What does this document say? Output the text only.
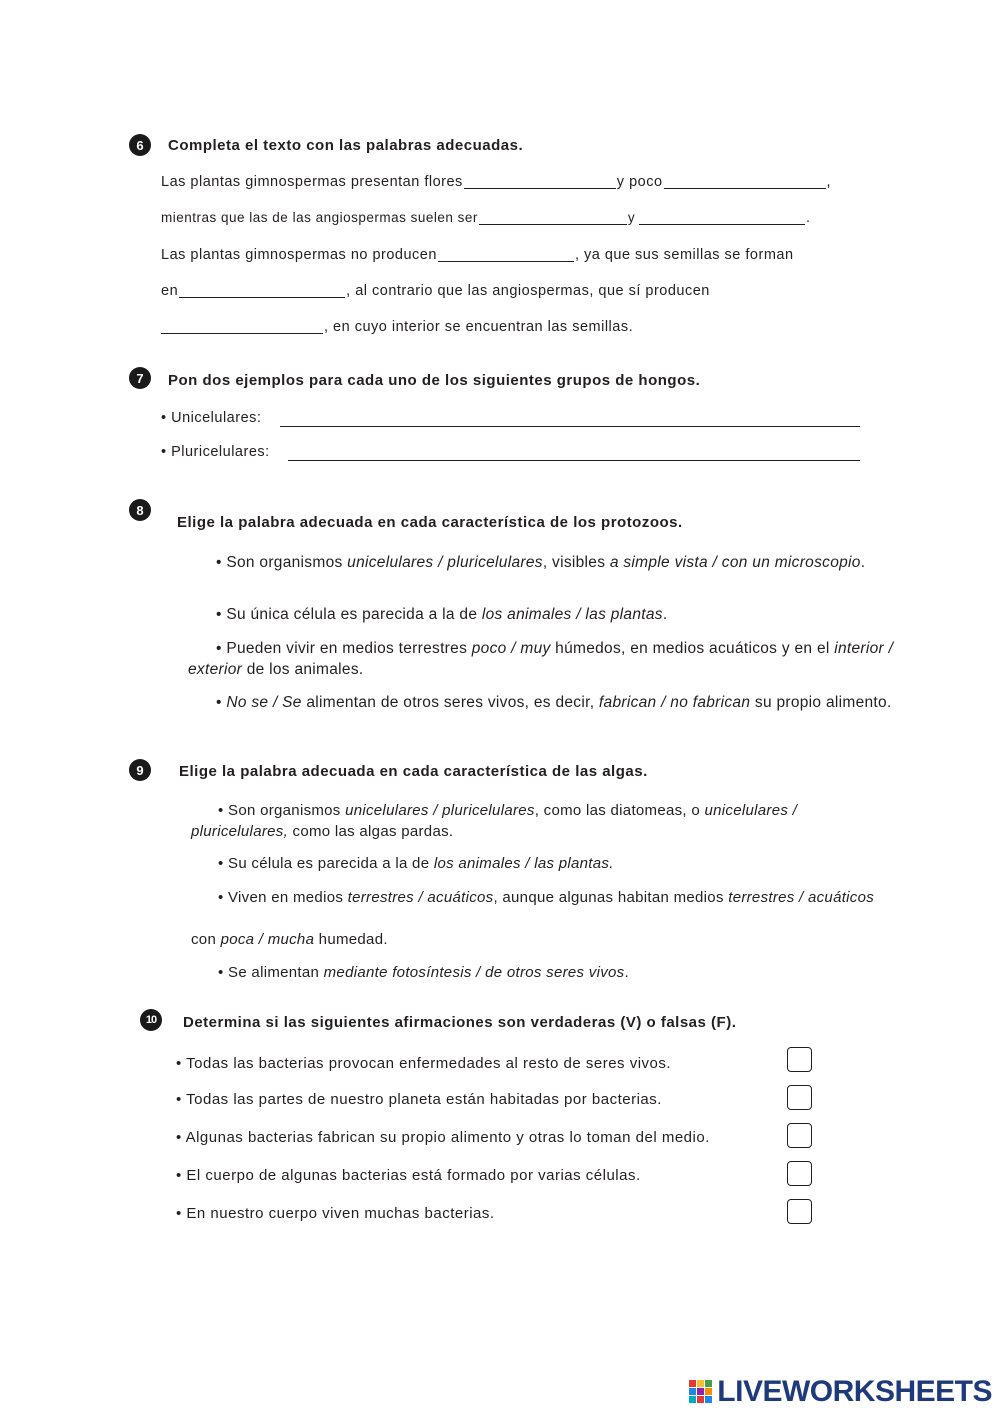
6	Completa el texto con las palabras adecuadas.
Las plantas gimnospermas presentan flores	y poco	,
mientras que las de las angiospermas suelen ser	y	.
Las plantas gimnospermas no producen	, ya que sus semillas se forman
en	, al contrario que las angiospermas, que sí producen
, en cuyo interior se encuentran las semillas.
7	Pon dos ejemplos para cada uno de los siguientes grupos de hongos.
• Unicelulares:
• Pluricelulares:
8
Elige la palabra adecuada en cada característica de los protozoos.
• Son organismos unicelulares / pluricelulares, visibles a simple vista / con un microscopio.
• Su única célula es parecida a la de los animales / las plantas.
• Pueden vivir en medios terrestres poco / muy húmedos, en medios acuáticos y en el interior / exterior de los animales.
• No se / Se alimentan de otros seres vivos, es decir, fabrican / no fabrican su propio alimento.
9	Elige la palabra adecuada en cada característica de las algas.
• Son organismos unicelulares / pluricelulares, como las diatomeas, o unicelulares / pluricelulares, como las algas pardas.
• Su célula es parecida a la de los animales / las plantas.
• Viven en medios terrestres / acuáticos, aunque algunas habitan medios terrestres / acuáticos
con poca / mucha humedad.
• Se alimentan mediante fotosíntesis / de otros seres vivos.
10	Determina si las siguientes afirmaciones son verdaderas (V) o falsas (F).
• Todas las bacterias provocan enfermedades al resto de seres vivos.
• Todas las partes de nuestro planeta están habitadas por bacterias.
• Algunas bacterias fabrican su propio alimento y otras lo toman del medio.
• El cuerpo de algunas bacterias está formado por varias células.
• En nuestro cuerpo viven muchas bacterias.
LIVEWORKSHEETS
